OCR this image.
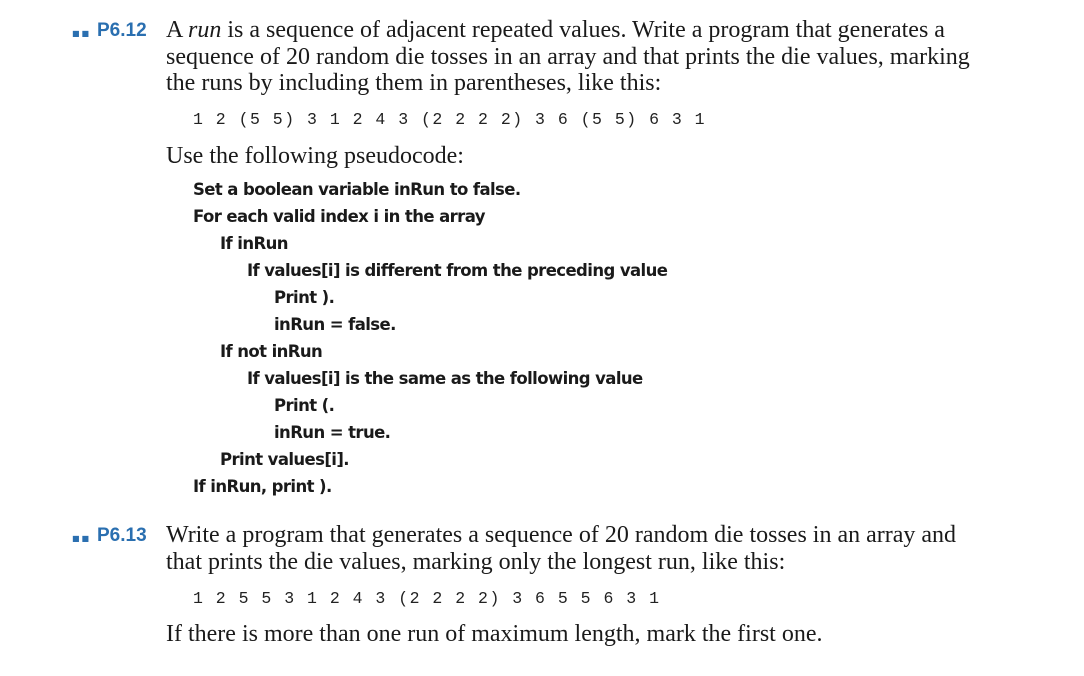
■■
P6.12 A run is a sequence of adjacent repeated values. Write a program that generates a sequence of 20 random die tosses in an array and that prints the die values, marking the runs by including them in parentheses, like this:

1 2 (5 5) 3 1 2 4 3 (2 2 2 2) 3 6 (5 5) 6 3 1
Use the following pseudocode:
Set a boolean variable inRun to false.
For each valid index i in the array
If inRun
If values[i] is different from the preceding value
Print ).
inRun = false.
If not inRun
If values[i] is the same as the following value
Print (.
inRun = true.
Print values[i].
If inRun, print ).
■■
P6.13 Write a program that generates a sequence of 20 random die tosses in an array and that prints the die values, marking only the longest run, like this:

1 2 5 5 3 1 2 4 3 (2 2 2 2) 3 6 5 5 6 3 1
If there is more than one run of maximum length, mark the first one.
